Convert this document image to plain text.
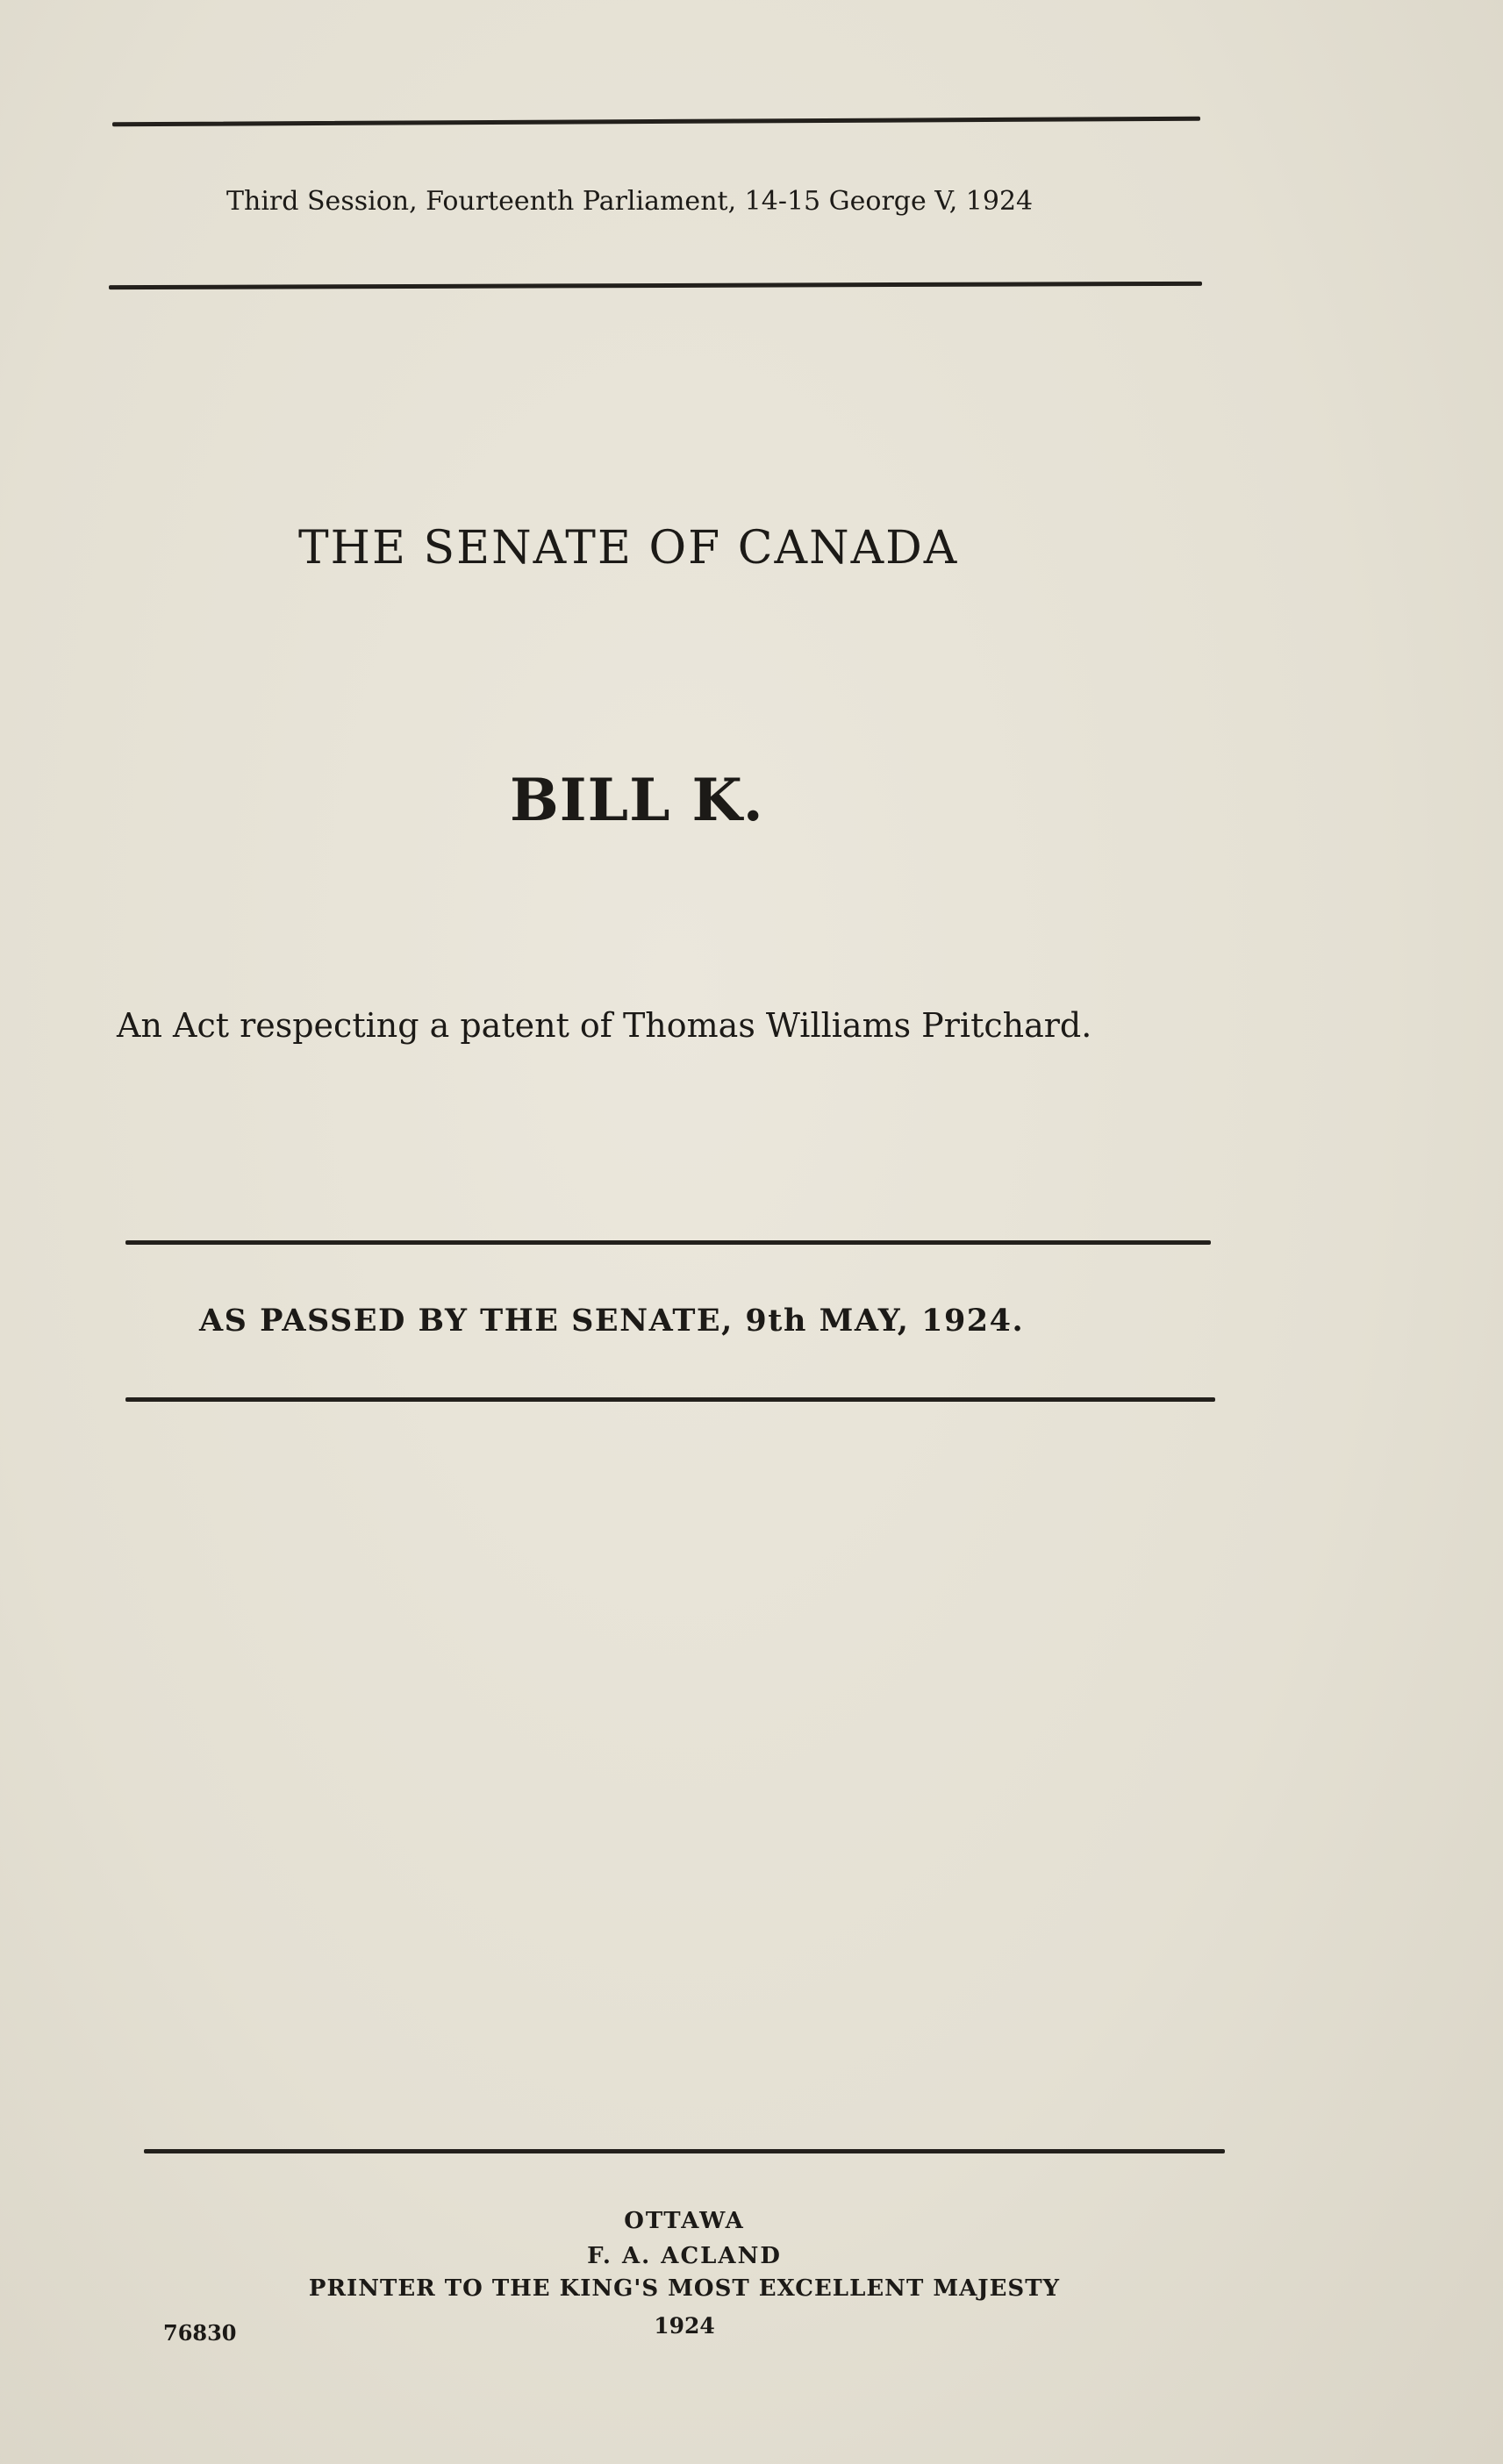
Third Session, Fourteenth Parliament, 14-15 George V, 1924
THE SENATE OF CANADA
BILL K.
An Act respecting a patent of Thomas Williams Pritchard.
AS PASSED BY THE SENATE, 9th MAY, 1924.
OTTAWA
F. A. ACLAND
PRINTER TO THE KING'S MOST EXCELLENT MAJESTY
1924
76830
